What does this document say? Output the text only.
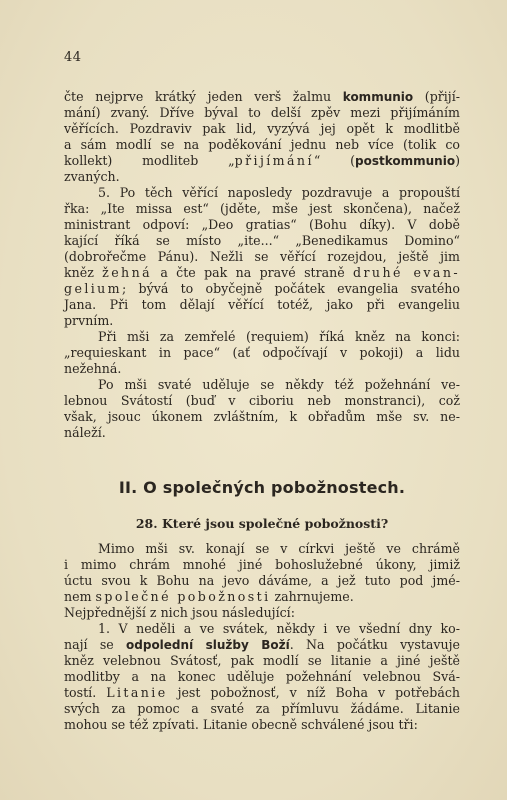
44
čte nejprve krátký jeden verš žalmu kommunio (přijí-
mání) zvaný. Dříve býval to delší zpěv mezi přijímáním
věřících. Pozdraviv pak lid, vyzývá jej opět k modlitbě
a sám modlí se na poděkování jednu neb více (tolik co
kollekt) modliteb „přijímání“ (postkommunio)
zvaných.
5. Po těch věřící naposledy pozdravuje a propouští
řka: „Ite missa est“ (jděte, mše jest skončena), načež
ministrant odpoví: „Deo gratias“ (Bohu díky). V době
kající říká se místo „ite...“ „Benedikamus Domino“
(dobrořečme Pánu). Nežli se věřící rozejdou, ještě jim
kněz žehná a čte pak na pravé straně druhé evan-
gelium; bývá to obyčejně počátek evangelia svatého
Jana. Při tom dělají věřící totéž, jako při evangeliu
prvním.
Při mši za zemřelé (requiem) říká kněz na konci:
„requieskant in pace“ (ať odpočívají v pokoji) a lidu
nežehná.
Po mši svaté uděluje se někdy též požehnání ve-
lebnou Svátostí (buď v ciboriu neb monstranci), což
však, jsouc úkonem zvláštním, k obřadům mše sv. ne-
náleží.
II. O společných pobožnostech.
28. Které jsou společné pobožnosti?
Mimo mši sv. konají se v církvi ještě ve chrámě
i mimo chrám mnohé jiné bohoslužebné úkony, jimiž
úctu svou k Bohu na jevo dáváme, a jež tuto pod jmé-
nem společné pobožnosti zahrnujeme.
Nejpřednější z nich jsou následující:
1. V neděli a ve svátek, někdy i ve všední dny ko-
nají se odpolední služby Boží. Na počátku vystavuje
kněz velebnou Svátosť, pak modlí se litanie a jiné ještě
modlitby a na konec uděluje požehnání velebnou Svá-
tostí. Litanie jest pobožnosť, v níž Boha v potřebách
svých za pomoc a svaté za přímluvu žádáme. Litanie
mohou se též zpívati. Litanie obecně schválené jsou tři:
